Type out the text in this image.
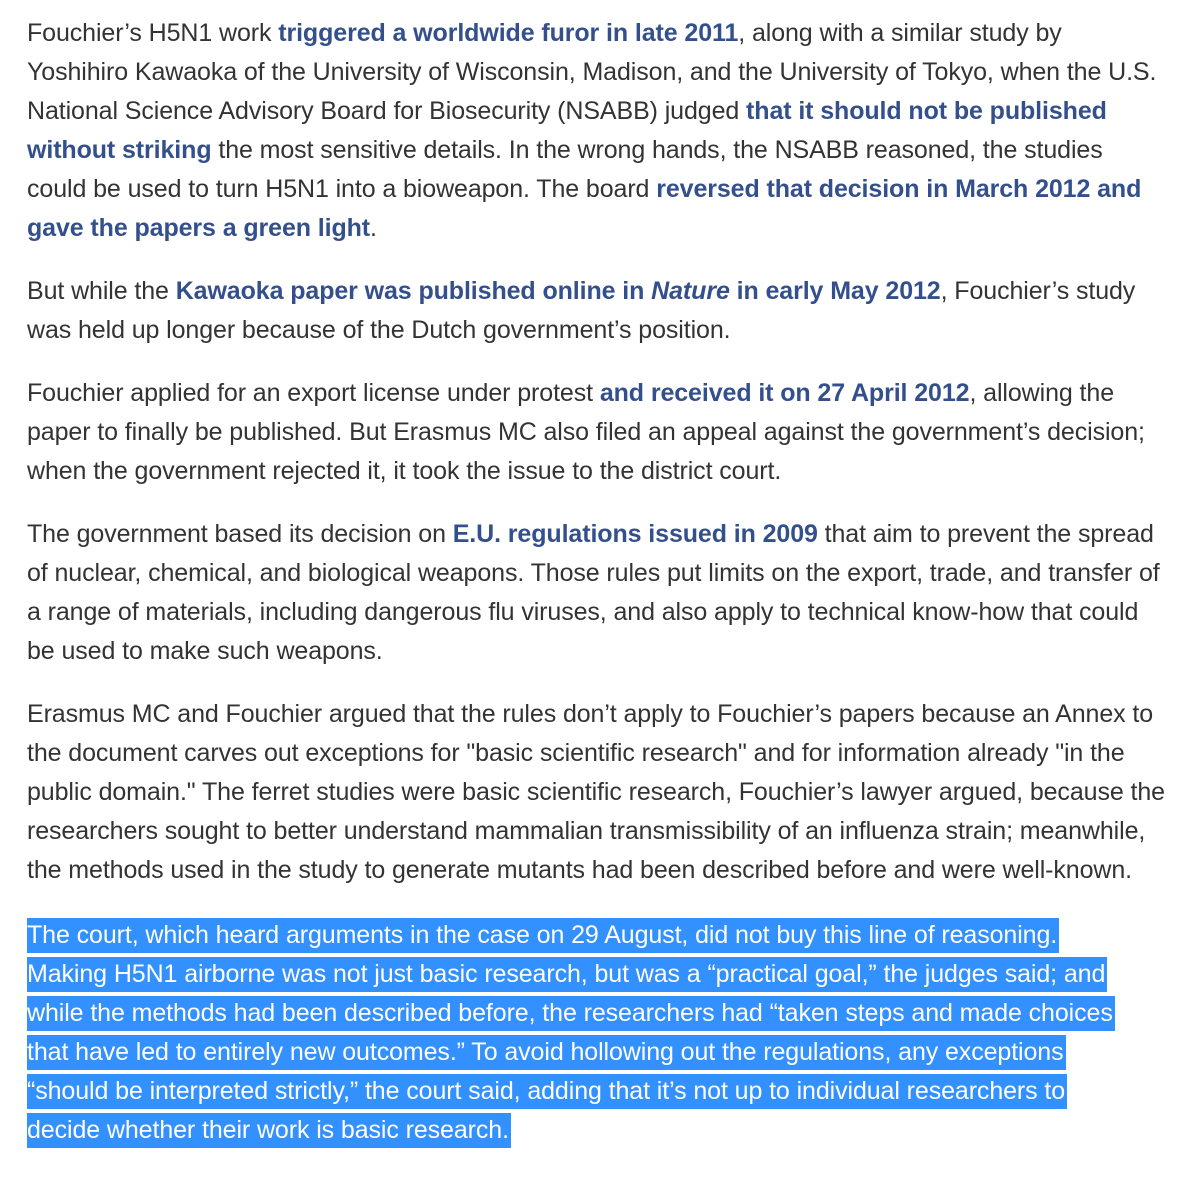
Fouchier’s H5N1 work triggered a worldwide furor in late 2011, along with a similar study by Yoshihiro Kawaoka of the University of Wisconsin, Madison, and the University of Tokyo, when the U.S. National Science Advisory Board for Biosecurity (NSABB) judged that it should not be published without striking the most sensitive details. In the wrong hands, the NSABB reasoned, the studies could be used to turn H5N1 into a bioweapon. The board reversed that decision in March 2012 and gave the papers a green light.

But while the Kawaoka paper was published online in Nature in early May 2012, Fouchier’s study was held up longer because of the Dutch government’s position.

Fouchier applied for an export license under protest and received it on 27 April 2012, allowing the paper to finally be published. But Erasmus MC also filed an appeal against the government’s decision; when the government rejected it, it took the issue to the district court.

The government based its decision on E.U. regulations issued in 2009 that aim to prevent the spread of nuclear, chemical, and biological weapons. Those rules put limits on the export, trade, and transfer of a range of materials, including dangerous flu viruses, and also apply to technical know-how that could be used to make such weapons.

Erasmus MC and Fouchier argued that the rules don’t apply to Fouchier’s papers because an Annex to the document carves out exceptions for "basic scientific research" and for information already "in the public domain." The ferret studies were basic scientific research, Fouchier’s lawyer argued, because the researchers sought to better understand mammalian transmissibility of an influenza strain; meanwhile, the methods used in the study to generate mutants had been described before and were well-known.

The court, which heard arguments in the case on 29 August, did not buy this line of reasoning.
Making H5N1 airborne was not just basic research, but was a “practical goal,” the judges said; and
while the methods had been described before, the researchers had “taken steps and made choices
that have led to entirely new outcomes.” To avoid hollowing out the regulations, any exceptions
“should be interpreted strictly,” the court said, adding that it’s not up to individual researchers to
decide whether their work is basic research.
